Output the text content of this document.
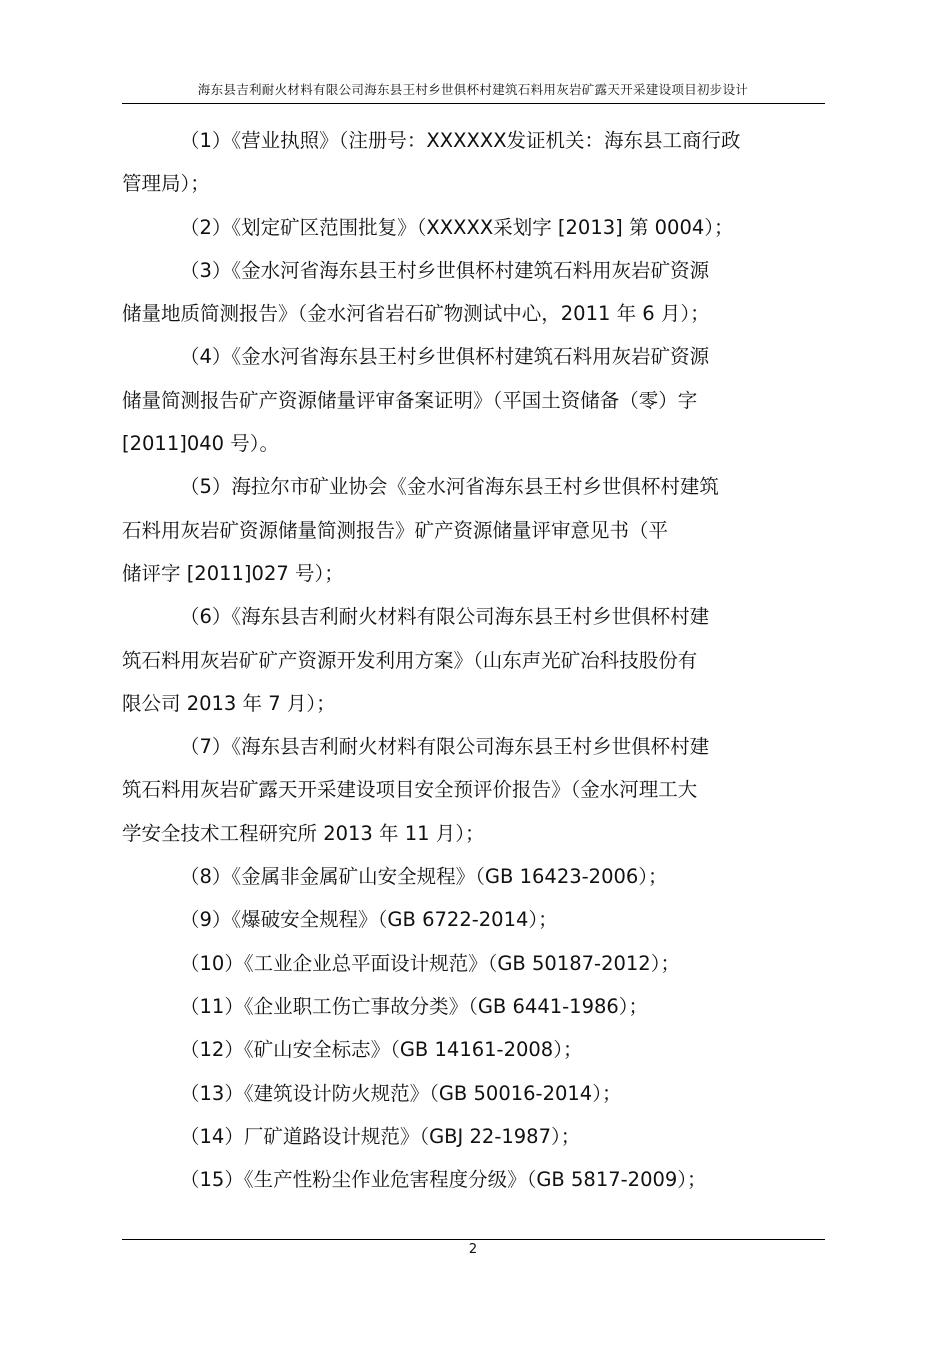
海东县吉利耐火材料有限公司海东县王村乡世俱杯村建筑石料用灰岩矿露天开采建设项目初步设计

（1）《营业执照》（注册号：XXXXXX发证机关：海东县工商行政

管理局）；

（2）《划定矿区范围批复》（XXXXX采划字 [2013] 第 0004）；

（3）《金水河省海东县王村乡世俱杯村建筑石料用灰岩矿资源

储量地质简测报告》（金水河省岩石矿物测试中心，2011 年 6 月）；

（4）《金水河省海东县王村乡世俱杯村建筑石料用灰岩矿资源

储量简测报告矿产资源储量评审备案证明》（平国土资储备（零）字

[2011]040 号）。

（5）海拉尔市矿业协会《金水河省海东县王村乡世俱杯村建筑

石料用灰岩矿资源储量简测报告》矿产资源储量评审意见书（平

储评字 [2011]027 号）；

（6）《海东县吉利耐火材料有限公司海东县王村乡世俱杯村建

筑石料用灰岩矿矿产资源开发利用方案》（山东声光矿冶科技股份有

限公司 2013 年 7 月）；

（7）《海东县吉利耐火材料有限公司海东县王村乡世俱杯村建

筑石料用灰岩矿露天开采建设项目安全预评价报告》（金水河理工大

学安全技术工程研究所 2013 年 11 月）；

（8）《金属非金属矿山安全规程》（GB 16423-2006）；

（9）《爆破安全规程》（GB 6722-2014）；

（10）《工业企业总平面设计规范》（GB 50187-2012）；

（11）《企业职工伤亡事故分类》（GB 6441-1986）；

（12）《矿山安全标志》（GB 14161-2008）；

（13）《建筑设计防火规范》（GB 50016-2014）；

（14）厂矿道路设计规范》（GBJ 22-1987）；

（15）《生产性粉尘作业危害程度分级》（GB 5817-2009）；

2
